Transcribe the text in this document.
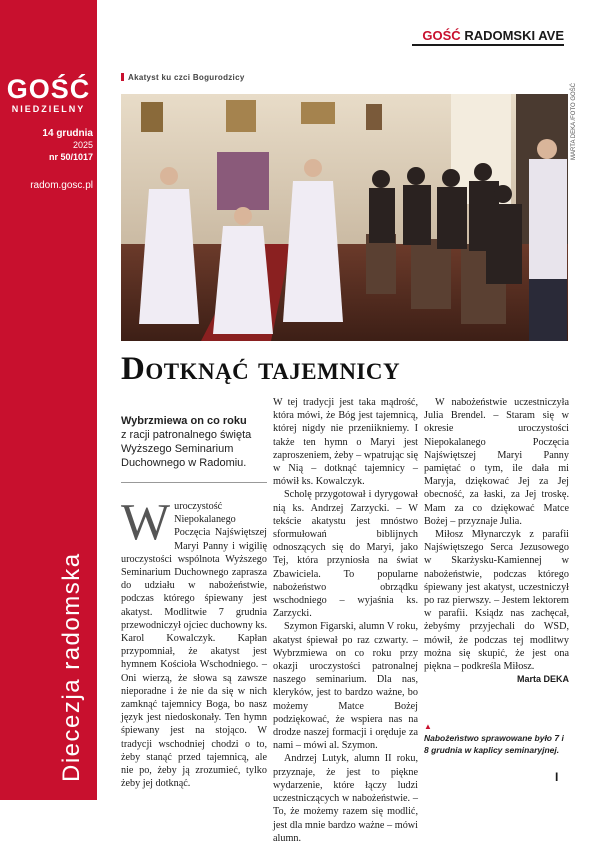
GOŚĆ
NIEDZIELNY
14 grudnia
2025
nr 50/1017
radom.gosc.pl
Diecezja radomska
GOŚĆ RADOMSKI AVE
Akatyst ku czci Bogurodzicy
MARTA DEKA /FOTO GOŚĆ
Dotknąć tajemnicy
Wybrzmiewa on co roku
z racji patronalnego święta Wyższego Seminarium Duchownego w Radomiu.

Wuroczystość Niepokalanego Poczęcia Najświętszej Maryi Panny i wigilię uroczystości wspólnota Wyższego Seminarium Duchownego zaprasza do udziału w nabożeństwie, podczas którego śpiewany jest akatyst. Modlitwie 7 grudnia przewodniczył ojciec duchowny ks. Karol Kowalczyk. Kapłan przypomniał, że akatyst jest hymnem Kościoła Wschodniego. – Oni wierzą, że słowa są zawsze nieporadne i że nie da się w nich zamknąć tajemnicy Boga, bo nasz język jest niedoskonały. Ten hymn śpiewany jest na stojąco. W tradycji wschodniej chodzi o to, żeby stanąć przed tajemnicą, ale nie po, żeby ją zrozumieć, tylko żeby jej dotknąć.

W tej tradycji jest taka mądrość, która mówi, że Bóg jest tajemnicą, której nigdy nie przeniikniemy. I także ten hymn o Maryi jest zaproszeniem, żeby – wpatrując się w Nią – dotknąć tajemnicy – mówił ks. Kowalczyk.

Scholę przygotował i dyrygował nią ks. Andrzej Zarzycki. – W tekście akatystu jest mnóstwo sformułowań biblijnych odnoszących się do Maryi, jako Tej, która przyniosła na świat Zbawiciela. To popularne nabożeństwo obrządku wschodniego – wyjaśnia ks. Zarzycki.

Szymon Figarski, alumn V roku, akatyst śpiewał po raz czwarty. – Wybrzmiewa on co roku przy okazji uroczystości patronalnej naszego seminarium. Dla nas, kleryków, jest to bardzo ważne, bo możemy Matce Bożej podziękować, że wspiera nas na drodze naszej formacji i oręduje za nami – mówi al. Szymon.

Andrzej Lutyk, alumn II roku, przyznaje, że jest to piękne wydarzenie, które łączy ludzi uczestniczących w nabożeństwie. – To, że możemy razem się modlić, jest dla mnie bardzo ważne – mówi alumn.

W nabożeństwie uczestniczyła Julia Brendel. – Staram się w okresie uroczystości Niepokalanego Poczęcia Najświętszej Maryi Panny pamiętać o tym, ile dała mi Maryja, dziękować Jej za Jej obecność, za łaski, za Jej troskę. Mam za co dziękować Matce Bożej – przyznaje Julia.

Miłosz Młynarczyk z parafii Najświętszego Serca Jezusowego w Skarżysku-Kamiennej w nabożeństwie, podczas którego śpiewany jest akatyst, uczestniczył po raz pierwszy. – Jestem lektorem w parafii. Ksiądz nas zachęcał, żebyśmy przyjechali do WSD, mówił, że podczas tej modlitwy można się skupić, że jest ona piękna – podkreśla Miłosz.

Marta DEKA
▲
Nabożeństwo sprawowane było 7 i 8 grudnia w kaplicy seminaryjnej.
I
